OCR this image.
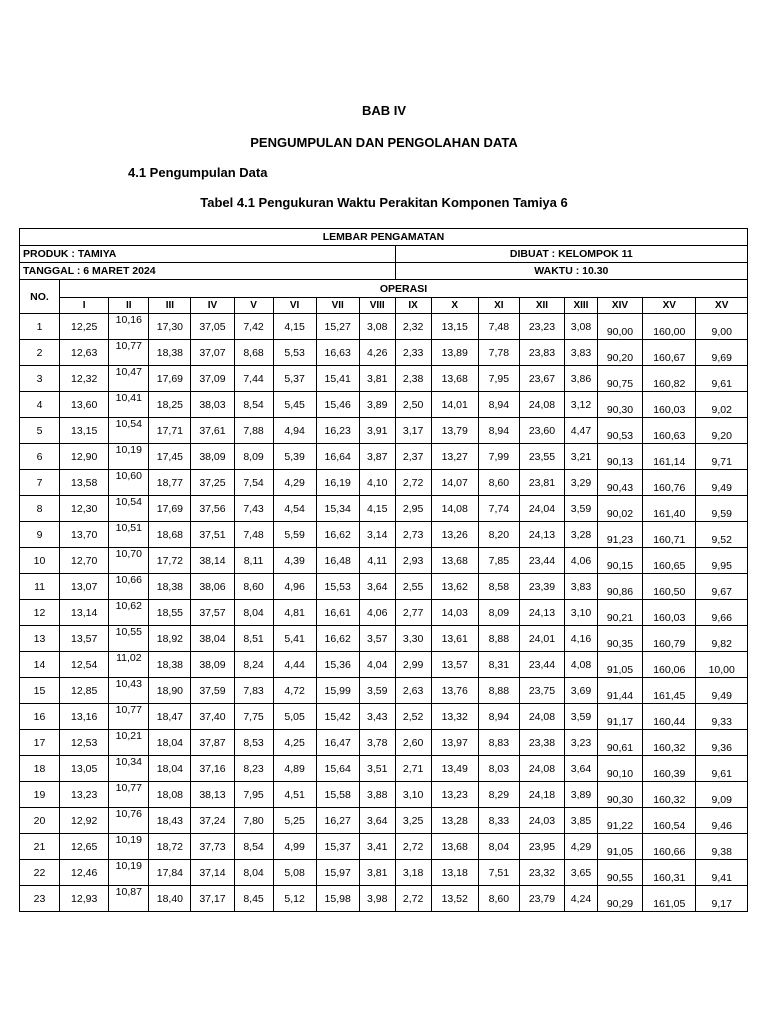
BAB IV

PENGUMPULAN DAN PENGOLAHAN DATA

4.1 Pengumpulan Data

Tabel 4.1 Pengukuran Waktu Perakitan Komponen Tamiya 6

LEMBAR PENGAMATAN																
PRODUK : TAMIYA									DIBUAT : KELOMPOK 11							
TANGGAL : 6 MARET 2024									WAKTU : 10.30							
NO.	OPERASI															
	I	II	III	IV	V	VI	VII	VIII	IX	X	XI	XII	XIII	XIV	XV	XV
1	12,25	10,16	17,30	37,05	7,42	4,15	15,27	3,08	2,32	13,15	7,48	23,23	3,08	90,00	160,00	9,00
2	12,63	10,77	18,38	37,07	8,68	5,53	16,63	4,26	2,33	13,89	7,78	23,83	3,83	90,20	160,67	9,69
3	12,32	10,47	17,69	37,09	7,44	5,37	15,41	3,81	2,38	13,68	7,95	23,67	3,86	90,75	160,82	9,61
4	13,60	10,41	18,25	38,03	8,54	5,45	15,46	3,89	2,50	14,01	8,94	24,08	3,12	90,30	160,03	9,02
5	13,15	10,54	17,71	37,61	7,88	4,94	16,23	3,91	3,17	13,79	8,94	23,60	4,47	90,53	160,63	9,20
6	12,90	10,19	17,45	38,09	8,09	5,39	16,64	3,87	2,37	13,27	7,99	23,55	3,21	90,13	161,14	9,71
7	13,58	10,60	18,77	37,25	7,54	4,29	16,19	4,10	2,72	14,07	8,60	23,81	3,29	90,43	160,76	9,49
8	12,30	10,54	17,69	37,56	7,43	4,54	15,34	4,15	2,95	14,08	7,74	24,04	3,59	90,02	161,40	9,59
9	13,70	10,51	18,68	37,51	7,48	5,59	16,62	3,14	2,73	13,26	8,20	24,13	3,28	91,23	160,71	9,52
10	12,70	10,70	17,72	38,14	8,11	4,39	16,48	4,11	2,93	13,68	7,85	23,44	4,06	90,15	160,65	9,95
11	13,07	10,66	18,38	38,06	8,60	4,96	15,53	3,64	2,55	13,62	8,58	23,39	3,83	90,86	160,50	9,67
12	13,14	10,62	18,55	37,57	8,04	4,81	16,61	4,06	2,77	14,03	8,09	24,13	3,10	90,21	160,03	9,66
13	13,57	10,55	18,92	38,04	8,51	5,41	16,62	3,57	3,30	13,61	8,88	24,01	4,16	90,35	160,79	9,82
14	12,54	11,02	18,38	38,09	8,24	4,44	15,36	4,04	2,99	13,57	8,31	23,44	4,08	91,05	160,06	10,00
15	12,85	10,43	18,90	37,59	7,83	4,72	15,99	3,59	2,63	13,76	8,88	23,75	3,69	91,44	161,45	9,49
16	13,16	10,77	18,47	37,40	7,75	5,05	15,42	3,43	2,52	13,32	8,94	24,08	3,59	91,17	160,44	9,33
17	12,53	10,21	18,04	37,87	8,53	4,25	16,47	3,78	2,60	13,97	8,83	23,38	3,23	90,61	160,32	9,36
18	13,05	10,34	18,04	37,16	8,23	4,89	15,64	3,51	2,71	13,49	8,03	24,08	3,64	90,10	160,39	9,61
19	13,23	10,77	18,08	38,13	7,95	4,51	15,58	3,88	3,10	13,23	8,29	24,18	3,89	90,30	160,32	9,09
20	12,92	10,76	18,43	37,24	7,80	5,25	16,27	3,64	3,25	13,28	8,33	24,03	3,85	91,22	160,54	9,46
21	12,65	10,19	18,72	37,73	8,54	4,99	15,37	3,41	2,72	13,68	8,04	23,95	4,29	91,05	160,66	9,38
22	12,46	10,19	17,84	37,14	8,04	5,08	15,97	3,81	3,18	13,18	7,51	23,32	3,65	90,55	160,31	9,41
23	12,93	10,87	18,40	37,17	8,45	5,12	15,98	3,98	2,72	13,52	8,60	23,79	4,24	90,29	161,05	9,17
